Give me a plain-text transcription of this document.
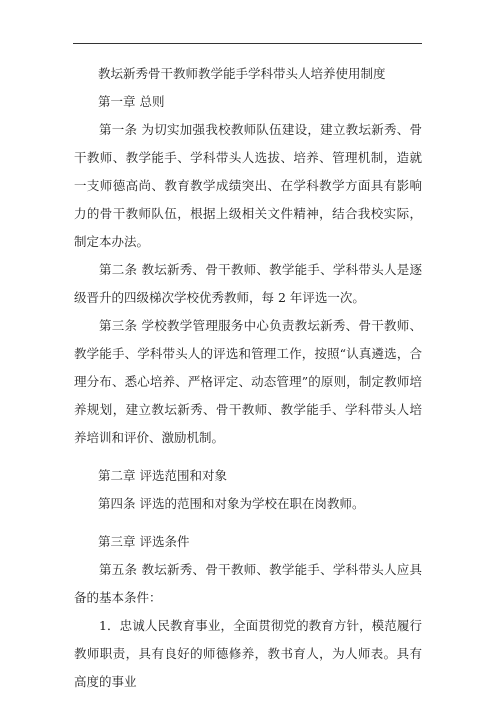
教坛新秀骨干教师教学能手学科带头人培养使用制度

第一章 总则

第一条 为切实加强我校教师队伍建设，建立教坛新秀、骨干教师、教学能手、学科带头人选拔、培养、管理机制，造就一支师德高尚、教育教学成绩突出、在学科教学方面具有影响力的骨干教师队伍，根据上级相关文件精神，结合我校实际，制定本办法。

第二条 教坛新秀、骨干教师、教学能手、学科带头人是逐级晋升的四级梯次学校优秀教师，每 2 年评选一次。

第三条 学校教学管理服务中心负责教坛新秀、骨干教师、教学能手、学科带头人的评选和管理工作，按照“认真遴选，合理分布、悉心培养、严格评定、动态管理”的原则，制定教师培养规划，建立教坛新秀、骨干教师、教学能手、学科带头人培养培训和评价、激励机制。

第二章 评选范围和对象

第四条 评选的范围和对象为学校在职在岗教师。

第三章 评选条件

第五条 教坛新秀、骨干教师、教学能手、学科带头人应具备的基本条件：

1．忠诚人民教育事业，全面贯彻党的教育方针，模范履行教师职责，具有良好的师德修养，教书育人，为人师表。具有高度的事业
